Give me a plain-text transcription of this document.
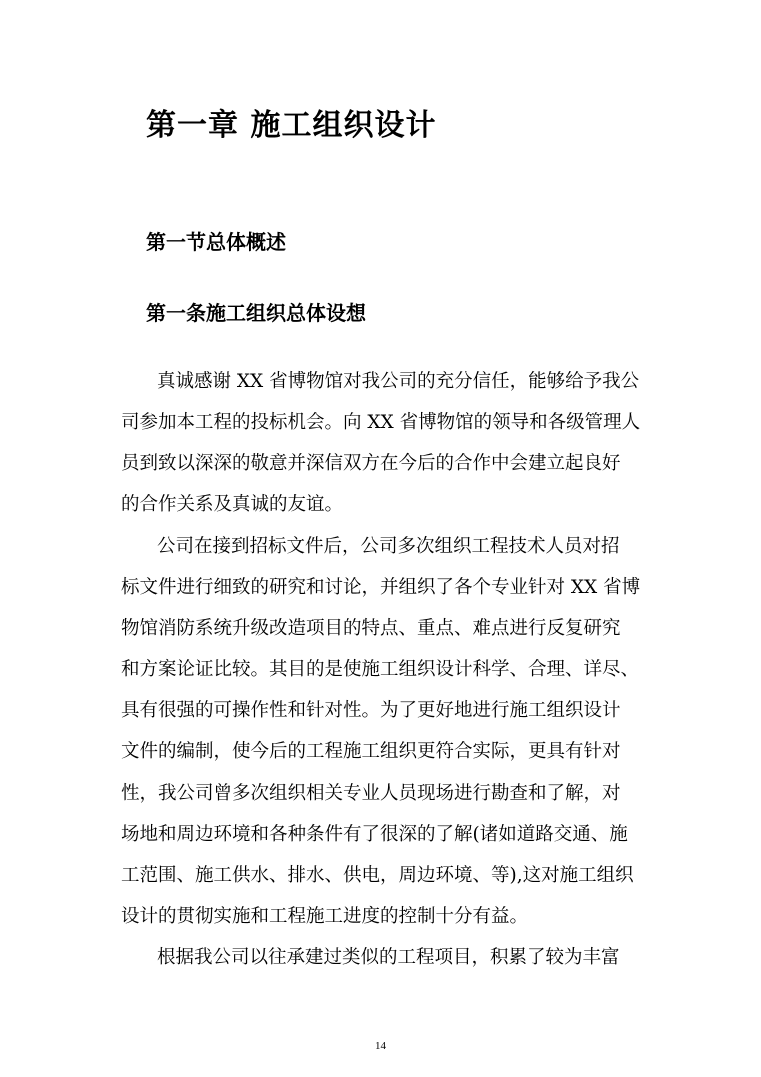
第一章 施工组织设计
第一节总体概述
第一条施工组织总体设想
真诚感谢 XX 省博物馆对我公司的充分信任，能够给予我公
司参加本工程的投标机会。向 XX 省博物馆的领导和各级管理人
员到致以深深的敬意并深信双方在今后的合作中会建立起良好
的合作关系及真诚的友谊。
公司在接到招标文件后，公司多次组织工程技术人员对招
标文件进行细致的研究和讨论，并组织了各个专业针对 XX 省博
物馆消防系统升级改造项目的特点、重点、难点进行反复研究
和方案论证比较。其目的是使施工组织设计科学、合理、详尽、
具有很强的可操作性和针对性。为了更好地进行施工组织设计
文件的编制，使今后的工程施工组织更符合实际，更具有针对
性，我公司曾多次组织相关专业人员现场进行勘查和了解，对
场地和周边环境和各种条件有了很深的了解(诸如道路交通、施
工范围、施工供水、排水、供电，周边环境、等),这对施工组织
设计的贯彻实施和工程施工进度的控制十分有益。
根据我公司以往承建过类似的工程项目，积累了较为丰富
14
